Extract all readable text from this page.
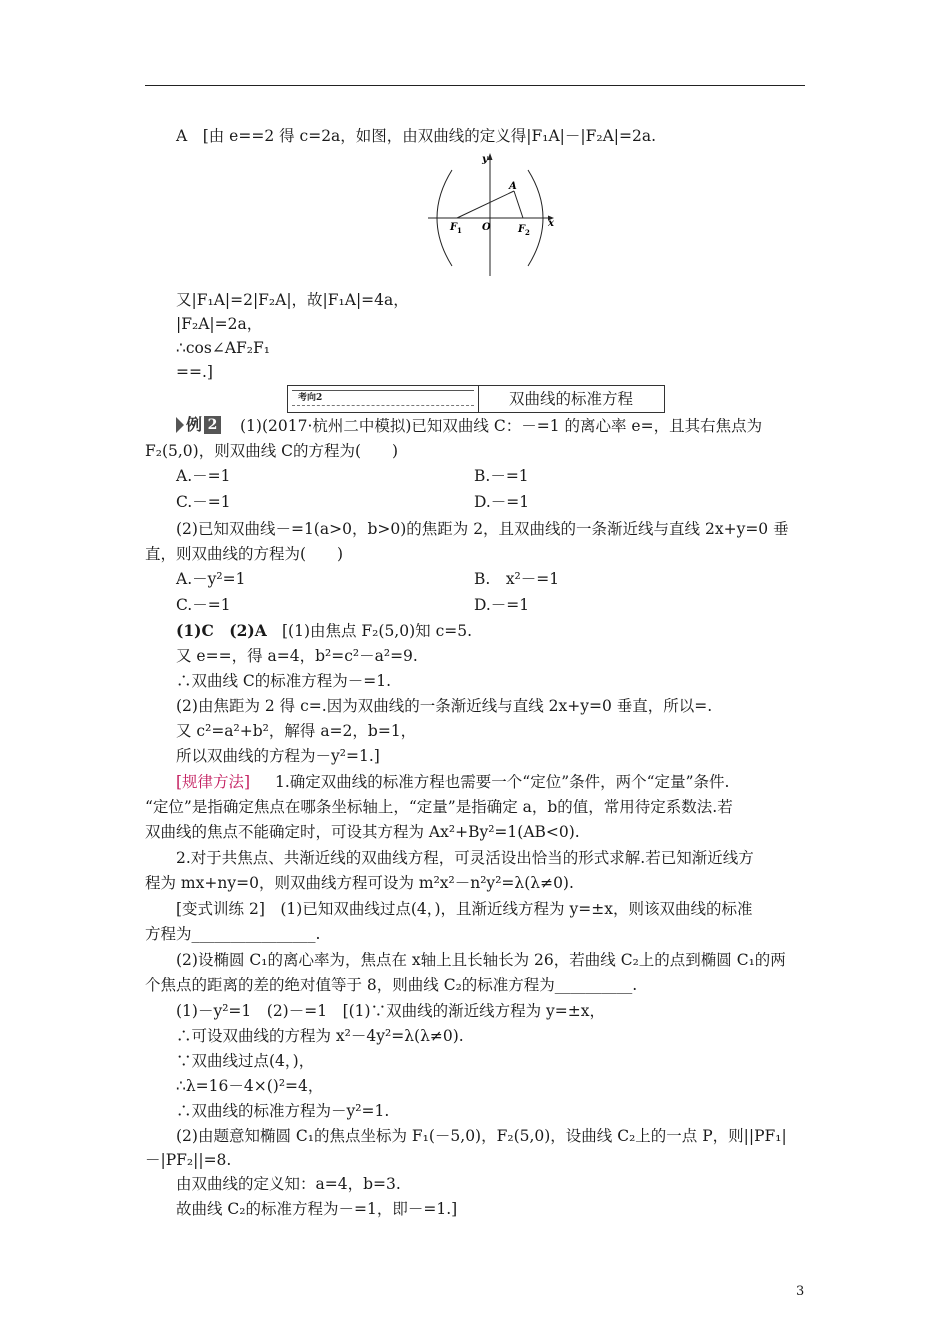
A　[由 e==2 得 c=2a，如图，由双曲线的定义得|F₁A|－|F₂A|=2a.
y
x
A
F 1 O	F 2
又|F₁A|=2|F₂A|，故|F₁A|=4a，
|F₂A|=2a，
∴cos∠AF₂F₁
==.]
考向2	双曲线的标准方程
例 2 (1)(2017·杭州二中模拟)已知双曲线 C：－=1 的离心率 e=，且其右焦点为
F₂(5,0)，则双曲线 C的方程为(　　)
A.－=1	B.－=1
C.－=1	D.－=1
(2)已知双曲线－=1(a>0，b>0)的焦距为 2，且双曲线的一条渐近线与直线 2x+y=0 垂
直，则双曲线的方程为(　　)
A.－y²=1	B.　x²－=1
C.－=1	D.－=1
(1)C　(2)A [(1)由焦点 F₂(5,0)知 c=5.
又 e==，得 a=4，b²=c²－a²=9.
∴双曲线 C的标准方程为－=1.
(2)由焦距为 2 得 c=.因为双曲线的一条渐近线与直线 2x+y=0 垂直，所以=.
又 c²=a²+b²，解得 a=2，b=1，
所以双曲线的方程为－y²=1.]
[规律方法] 1.确定双曲线的标准方程也需要一个“定位”条件，两个“定量”条件.
“定位”是指确定焦点在哪条坐标轴上，“定量”是指确定 a，b的值，常用待定系数法.若
双曲线的焦点不能确定时，可设其方程为 Ax²+By²=1(AB<0).
2.对于共焦点、共渐近线的双曲线方程，可灵活设出恰当的形式求解.若已知渐近线方
程为 mx+ny=0，则双曲线方程可设为 m²x²－n²y²=λ(λ≠0).
[变式训练 2]　(1)已知双曲线过点(4，)，且渐近线方程为 y=±x，则该双曲线的标准
方程为________________.
(2)设椭圆 C₁的离心率为，焦点在 x轴上且长轴长为 26，若曲线 C₂上的点到椭圆 C₁的两
个焦点的距离的差的绝对值等于 8，则曲线 C₂的标准方程为__________.
(1)－y²=1　(2)－=1　[(1)∵双曲线的渐近线方程为 y=±x，
∴可设双曲线的方程为 x²－4y²=λ(λ≠0).
∵双曲线过点(4，)，
∴λ=16－4×()²=4，
∴双曲线的标准方程为－y²=1.
(2)由题意知椭圆 C₁的焦点坐标为 F₁(－5,0)，F₂(5,0)，设曲线 C₂上的一点 P，则||PF₁|
－|PF₂||=8.
由双曲线的定义知：a=4，b=3.
故曲线 C₂的标准方程为－=1，即－=1.]
3
